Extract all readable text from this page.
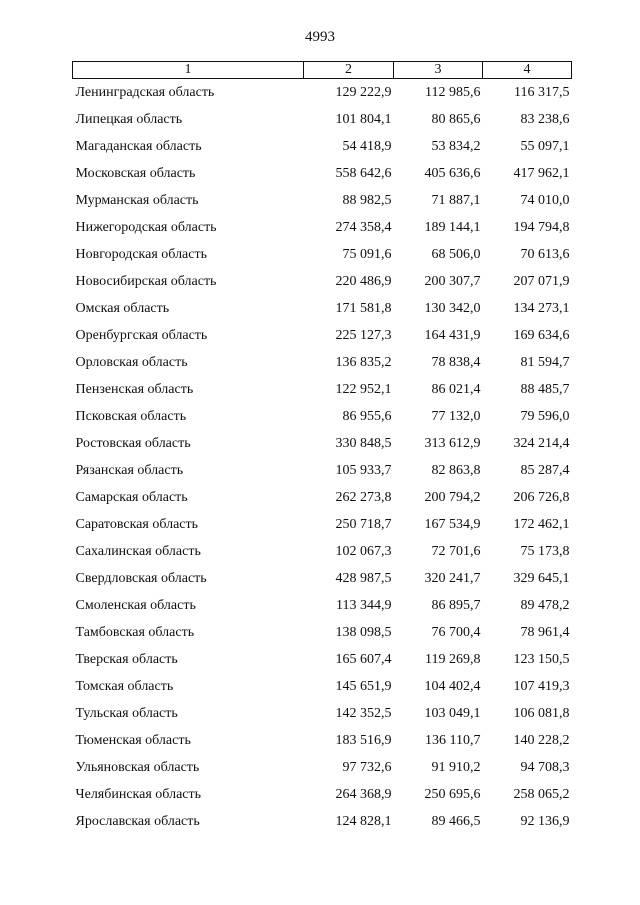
4993
1	2	3	4
Ленинградская область	129 222,9	112 985,6	116 317,5
Липецкая область	101 804,1	80 865,6	83 238,6
Магаданская область	54 418,9	53 834,2	55 097,1
Московская область	558 642,6	405 636,6	417 962,1
Мурманская область	88 982,5	71 887,1	74 010,0
Нижегородская область	274 358,4	189 144,1	194 794,8
Новгородская область	75 091,6	68 506,0	70 613,6
Новосибирская область	220 486,9	200 307,7	207 071,9
Омская область	171 581,8	130 342,0	134 273,1
Оренбургская область	225 127,3	164 431,9	169 634,6
Орловская область	136 835,2	78 838,4	81 594,7
Пензенская область	122 952,1	86 021,4	88 485,7
Псковская область	86 955,6	77 132,0	79 596,0
Ростовская область	330 848,5	313 612,9	324 214,4
Рязанская область	105 933,7	82 863,8	85 287,4
Самарская область	262 273,8	200 794,2	206 726,8
Саратовская область	250 718,7	167 534,9	172 462,1
Сахалинская область	102 067,3	72 701,6	75 173,8
Свердловская область	428 987,5	320 241,7	329 645,1
Смоленская область	113 344,9	86 895,7	89 478,2
Тамбовская область	138 098,5	76 700,4	78 961,4
Тверская область	165 607,4	119 269,8	123 150,5
Томская область	145 651,9	104 402,4	107 419,3
Тульская область	142 352,5	103 049,1	106 081,8
Тюменская область	183 516,9	136 110,7	140 228,2
Ульяновская область	97 732,6	91 910,2	94 708,3
Челябинская область	264 368,9	250 695,6	258 065,2
Ярославская область	124 828,1	89 466,5	92 136,9
